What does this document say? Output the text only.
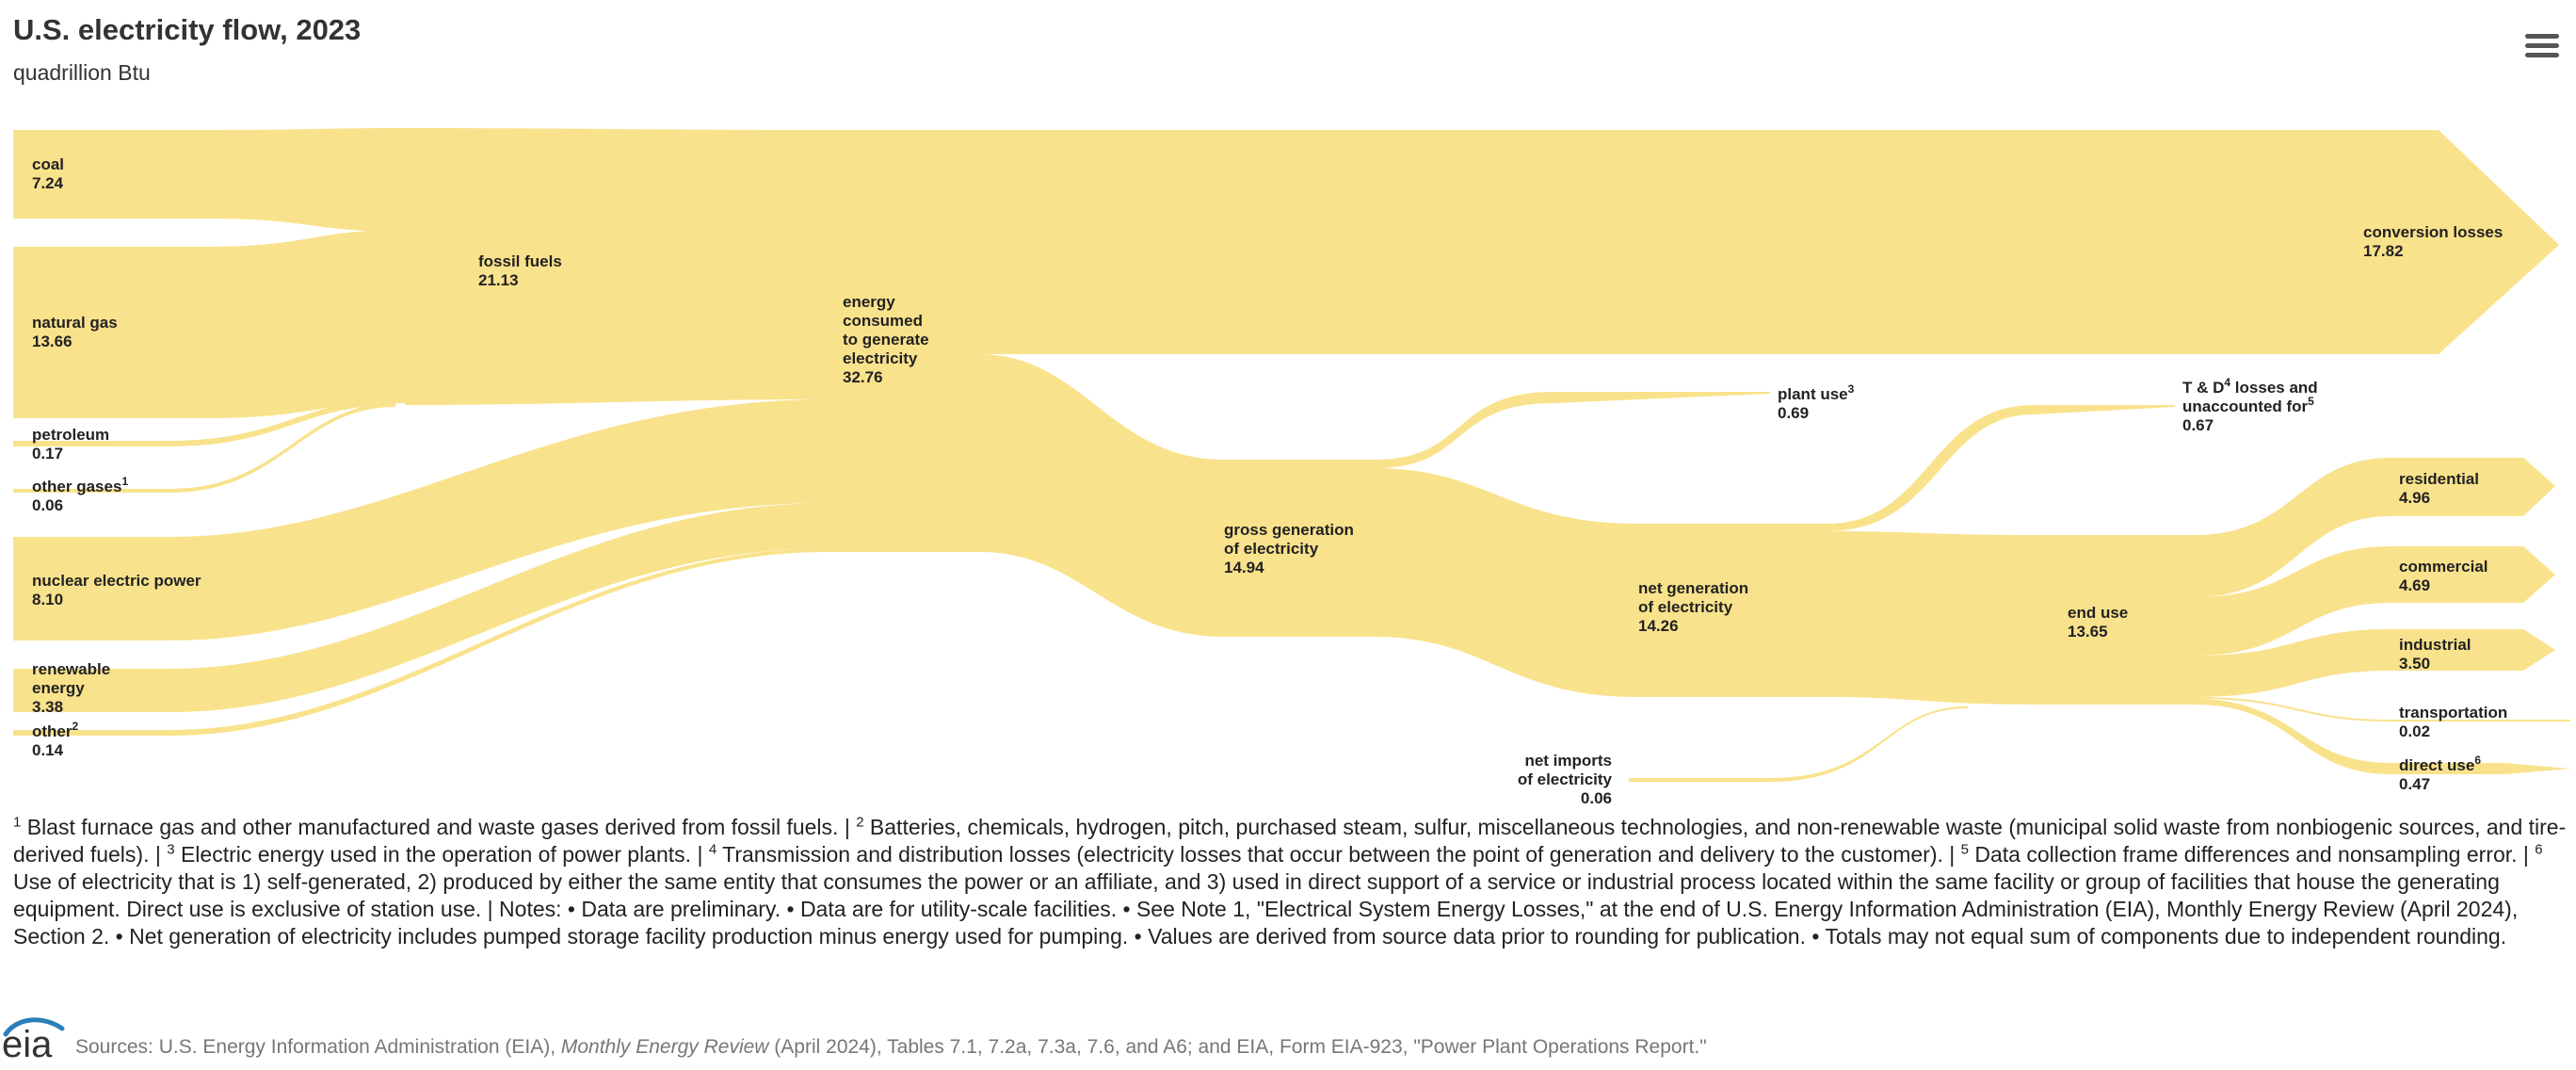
U.S. electricity flow, 2023
quadrillion Btu
coal 7.24
natural gas 13.66
petroleum 0.17
other gases$^1$ 0.06
nuclear electric power 8.10
renewable energy 3.38
other$^2$ 0.14
fossil fuels 21.13
energy consumed to generate electricity 32.76
conversion losses 17.82
gross generation of electricity 14.94
plant use$^3$ 0.69
net generation of electricity 14.26
net imports of electricity 0.06
T & $D^4$ losses and unaccounted for$^5$ 0.67
end use 13.65
residential 4.96
commercial 4.69
industrial 3.50
transportation 0.02
direct use$^6$ 0.47
$^1$ Blast furnace gas and other manufactured and waste gases derived from fossil fuels. | $^2$ Batteries, chemicals, hydrogen, pitch, purchased steam, sulfur, miscellaneous technologies, and non-renewable waste (municipal solid waste from nonbiogenic sources, and tire-derived fuels). | $^3$ Electric energy used in the operation of power plants. | $^4$ Transmission and distribution losses (electricity losses that occur between the point of generation and delivery to the customer). | $^5$ Data collection frame differences and nonsampling error. | $^6$ Use of electricity that is 1) self-generated, 2) produced by either the same entity that consumes the power or an affiliate, and 3) used in direct support of a service or industrial process located within the same facility or group of facilities that house the generating equipment. Direct use is exclusive of station use. | Notes: • Data are preliminary. • Data are for utility-scale facilities. • See Note 1, "Electrical System Energy Losses," at the end of U.S. Energy Information Administration (EIA), Monthly Energy Review (April 2024), Section 2. • Net generation of electricity includes pumped storage facility production minus energy used for pumping. • Values are derived from source data prior to rounding for publication. • Totals may not equal sum of components due to independent rounding.
eia Sources: U.S. Energy Information Administration (EIA), Monthly Energy Review (April 2024), Tables 7.1, 7.2a, 7.3a, 7.6, and A6; and EIA, Form EIA-923, "Power Plant Operations Report."
